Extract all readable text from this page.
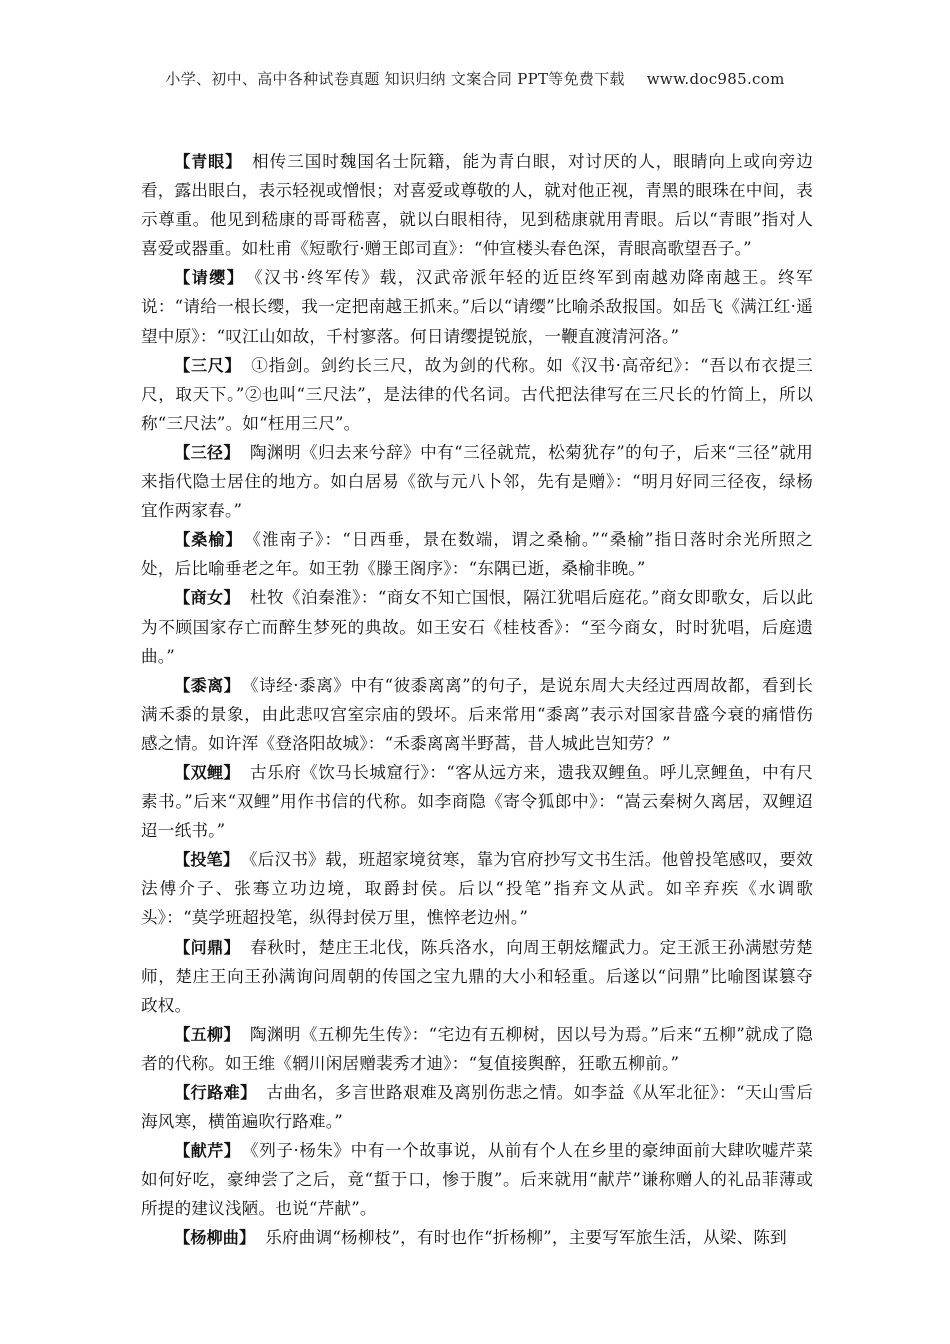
小学、初中、高中各种试卷真题 知识归纳 文案合同 PPT等免费下载 www.doc985.com

【青眼】 相传三国时魏国名士阮籍，能为青白眼，对讨厌的人，眼睛向上或向旁边看，露出眼白，表示轻视或憎恨；对喜爱或尊敬的人，就对他正视，青黑的眼珠在中间，表示尊重。他见到嵇康的哥哥嵇喜，就以白眼相待，见到嵇康就用青眼。后以“青眼”指对人喜爱或器重。如杜甫《短歌行·赠王郎司直》：“仲宣楼头春色深，青眼高歌望吾子。”

【请缨】 《汉书·终军传》载，汉武帝派年轻的近臣终军到南越劝降南越王。终军说：“请给一根长缨，我一定把南越王抓来。”后以“请缨”比喻杀敌报国。如岳飞《满江红·遥望中原》：“叹江山如故，千村寥落。何日请缨提锐旅，一鞭直渡清河洛。”

【三尺】 ①指剑。剑约长三尺，故为剑的代称。如《汉书·高帝纪》：“吾以布衣提三尺，取天下。”②也叫“三尺法”，是法律的代名词。古代把法律写在三尺长的竹简上，所以称“三尺法”。如“枉用三尺”。

【三径】 陶渊明《归去来兮辞》中有“三径就荒，松菊犹存”的句子，后来“三径”就用来指代隐士居住的地方。如白居易《欲与元八卜邻，先有是赠》：“明月好同三径夜，绿杨宜作两家春。”

【桑榆】 《淮南子》：“日西垂，景在数端，谓之桑榆。”“桑榆”指日落时余光所照之处，后比喻垂老之年。如王勃《滕王阁序》：“东隅已逝，桑榆非晚。”

【商女】 杜牧《泊秦淮》：“商女不知亡国恨，隔江犹唱后庭花。”商女即歌女，后以此为不顾国家存亡而醉生梦死的典故。如王安石《桂枝香》：“至今商女，时时犹唱，后庭遗曲。”

【黍离】 《诗经·黍离》中有“彼黍离离”的句子，是说东周大夫经过西周故都，看到长满禾黍的景象，由此悲叹宫室宗庙的毁坏。后来常用“黍离”表示对国家昔盛今衰的痛惜伤感之情。如许浑《登洛阳故城》：“禾黍离离半野蒿，昔人城此岂知劳？”

【双鲤】 古乐府《饮马长城窟行》：“客从远方来，遗我双鲤鱼。呼儿烹鲤鱼，中有尺素书。”后来“双鲤”用作书信的代称。如李商隐《寄令狐郎中》：“嵩云秦树久离居，双鲤迢迢一纸书。”

【投笔】 《后汉书》载，班超家境贫寒，靠为官府抄写文书生活。他曾投笔感叹，要效法傅介子、张骞立功边境，取爵封侯。后以“投笔”指弃文从武。如辛弃疾《水调歌头》：“莫学班超投笔，纵得封侯万里，憔悴老边州。”

【问鼎】 春秋时，楚庄王北伐，陈兵洛水，向周王朝炫耀武力。定王派王孙满慰劳楚师，楚庄王向王孙满询问周朝的传国之宝九鼎的大小和轻重。后遂以“问鼎”比喻图谋篡夺政权。

【五柳】 陶渊明《五柳先生传》：“宅边有五柳树，因以号为焉。”后来“五柳”就成了隐者的代称。如王维《辋川闲居赠裴秀才迪》：“复值接舆醉，狂歌五柳前。”

【行路难】 古曲名，多言世路艰难及离别伤悲之情。如李益《从军北征》：“天山雪后海风寒，横笛遍吹行路难。”

【献芹】 《列子·杨朱》中有一个故事说，从前有个人在乡里的豪绅面前大肆吹嘘芹菜如何好吃，豪绅尝了之后，竟“蜇于口，惨于腹”。后来就用“献芹”谦称赠人的礼品菲薄或所提的建议浅陋。也说“芹献”。

【杨柳曲】 乐府曲调“杨柳枝”，有时也作“折杨柳”，主要写军旅生活，从梁、陈到
